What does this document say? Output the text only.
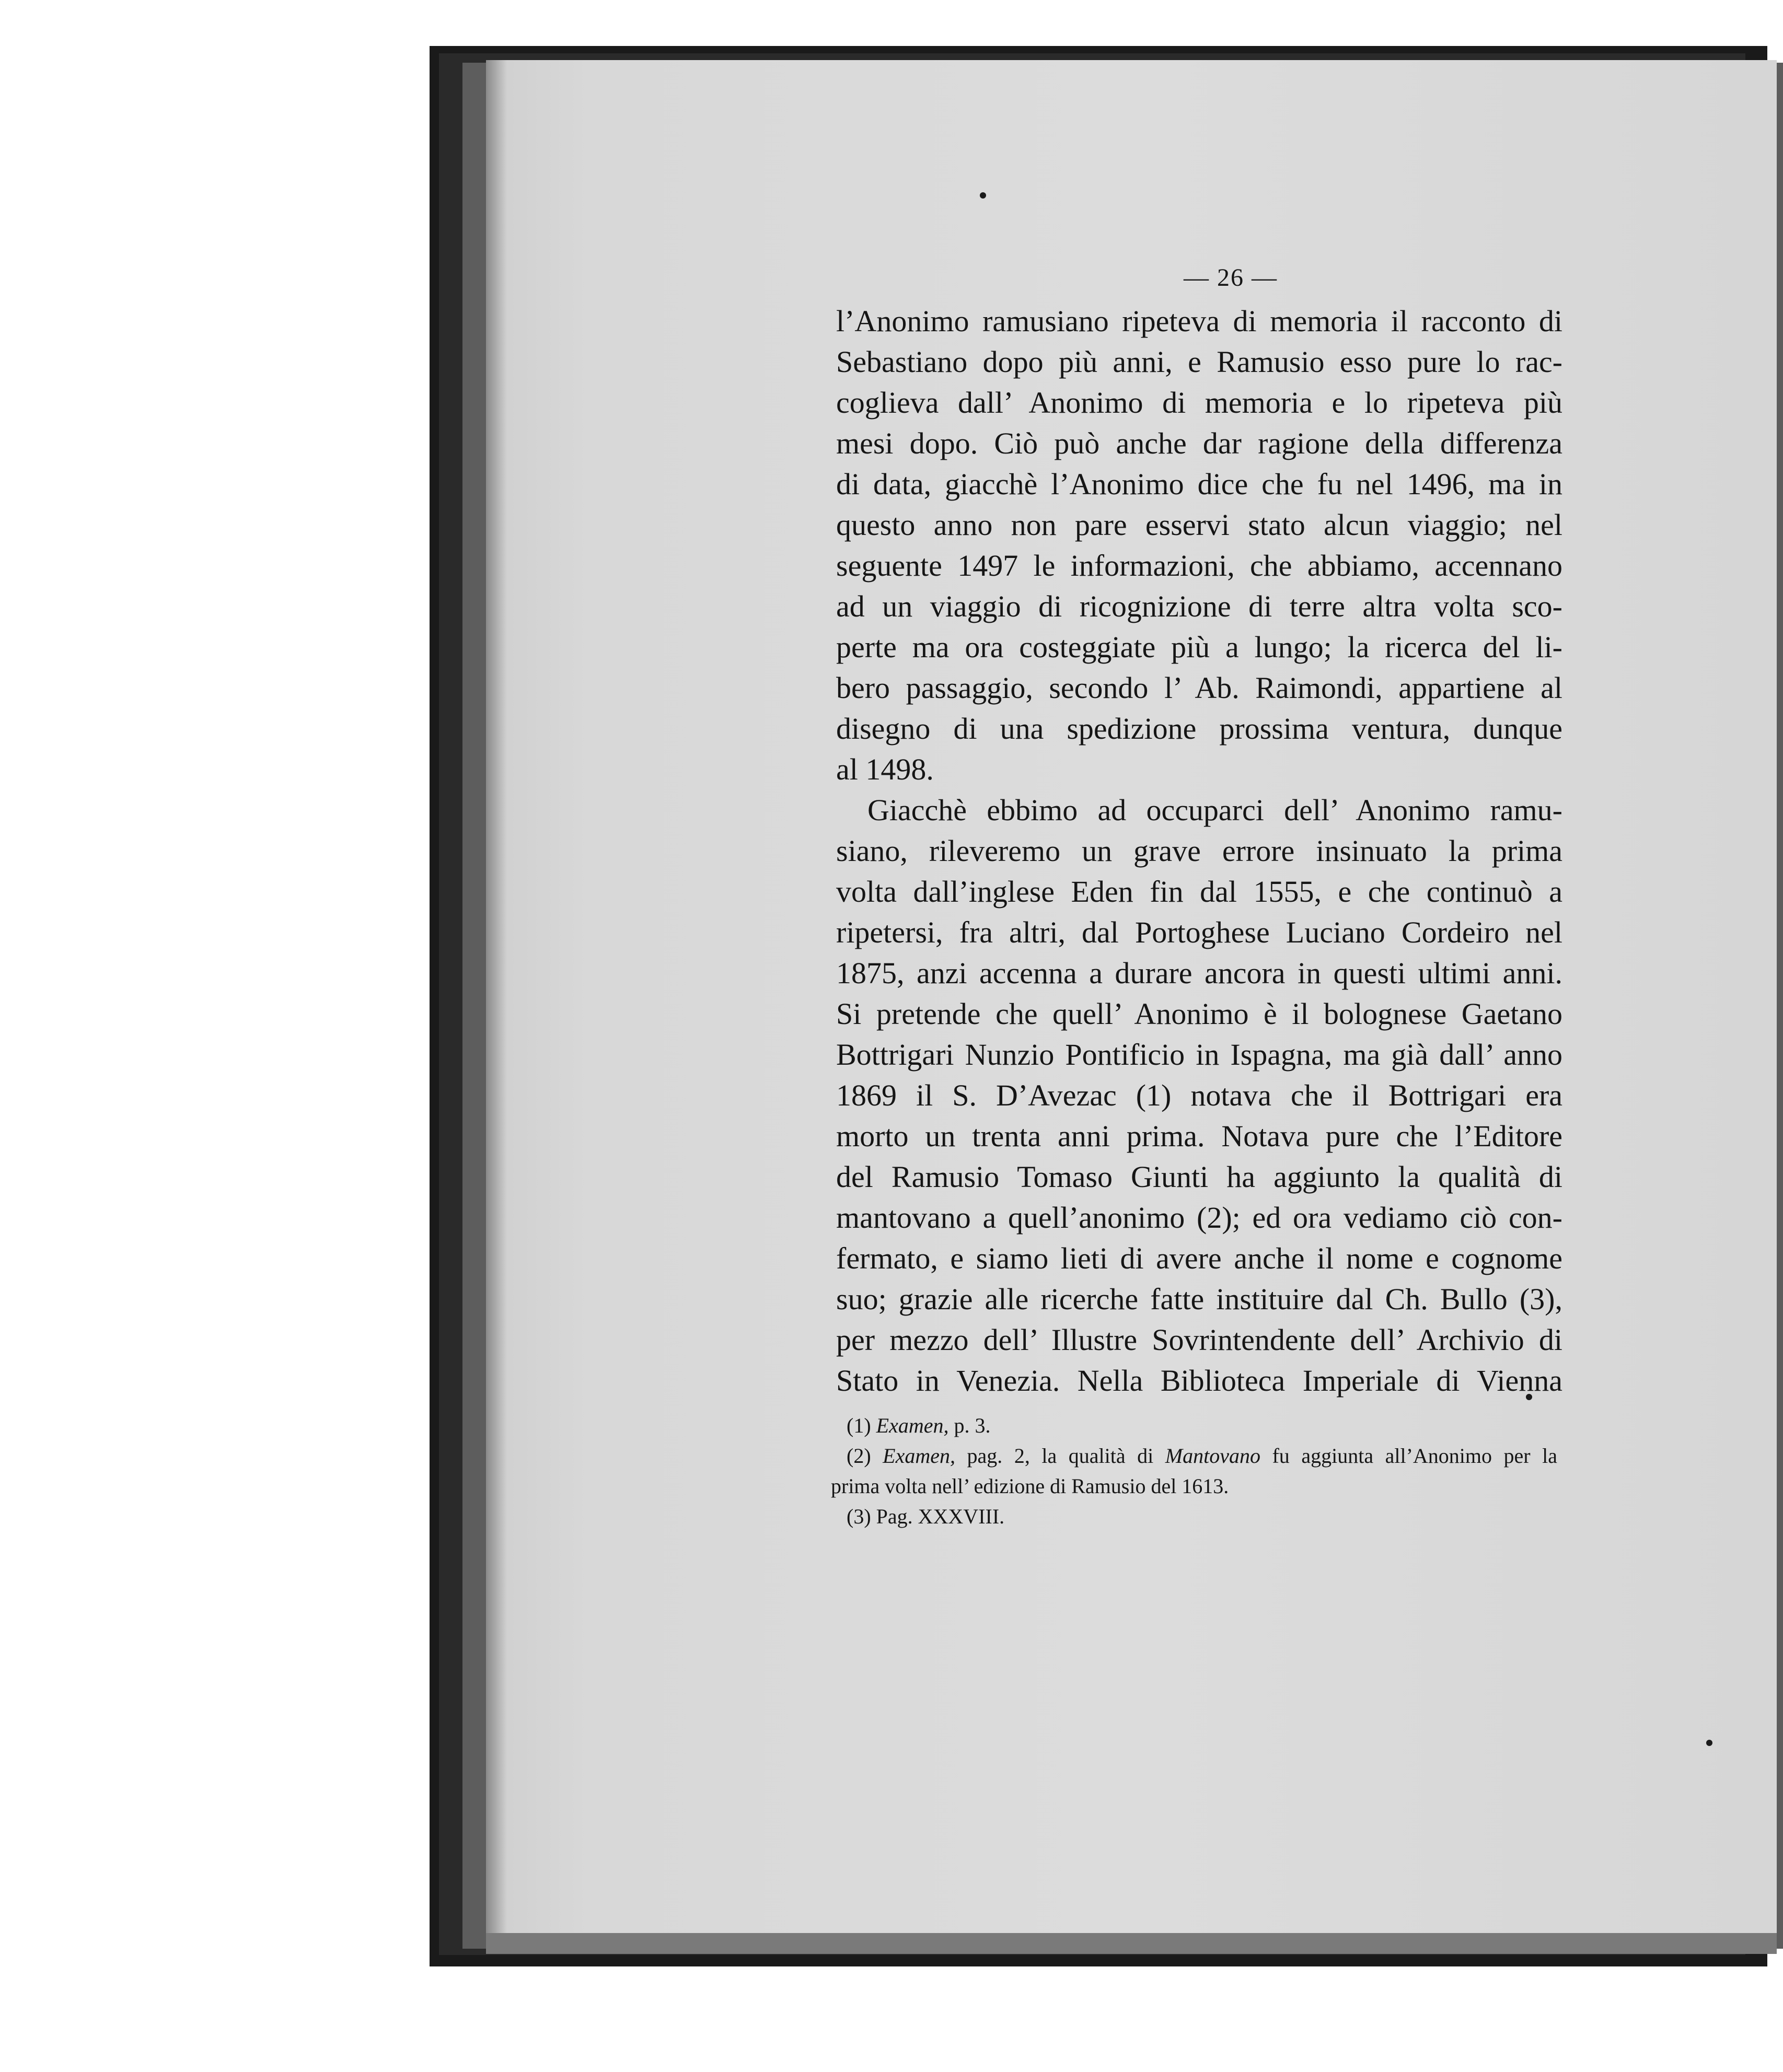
— 26 —
l’Anonimo ramusiano ripeteva di memoria il racconto di
Sebastiano dopo più anni, e Ramusio esso pure lo rac-
coglieva dall’ Anonimo di memoria e lo ripeteva più
mesi dopo. Ciò può anche dar ragione della differenza
di data, giacchè l’Anonimo dice che fu nel 1496, ma in
questo anno non pare esservi stato alcun viaggio; nel
seguente 1497 le informazioni, che abbiamo, accennano
ad un viaggio di ricognizione di terre altra volta sco-
perte ma ora costeggiate più a lungo; la ricerca del li-
bero passaggio, secondo l’ Ab. Raimondi, appartiene al
disegno di una spedizione prossima ventura, dunque
al 1498.
Giacchè ebbimo ad occuparci dell’ Anonimo ramu-
siano, rileveremo un grave errore insinuato la prima
volta dall’inglese Eden fin dal 1555, e che continuò a
ripetersi, fra altri, dal Portoghese Luciano Cordeiro nel
1875, anzi accenna a durare ancora in questi ultimi anni.
Si pretende che quell’ Anonimo è il bolognese Gaetano
Bottrigari Nunzio Pontificio in Ispagna, ma già dall’ anno
1869 il S. D’Avezac (1) notava che il Bottrigari era
morto un trenta anni prima. Notava pure che l’Editore
del Ramusio Tomaso Giunti ha aggiunto la qualità di
mantovano a quell’anonimo (2); ed ora vediamo ciò con-
fermato, e siamo lieti di avere anche il nome e cognome
suo; grazie alle ricerche fatte instituire dal Ch. Bullo (3),
per mezzo dell’ Illustre Sovrintendente dell’ Archivio di
Stato in Venezia. Nella Biblioteca Imperiale di Vienna
(1) Examen, p. 3.
(2) Examen, pag. 2, la qualità di Mantovano fu aggiunta all’Anonimo per la
prima volta nell’ edizione di Ramusio del 1613.
(3) Pag. XXXVIII.
